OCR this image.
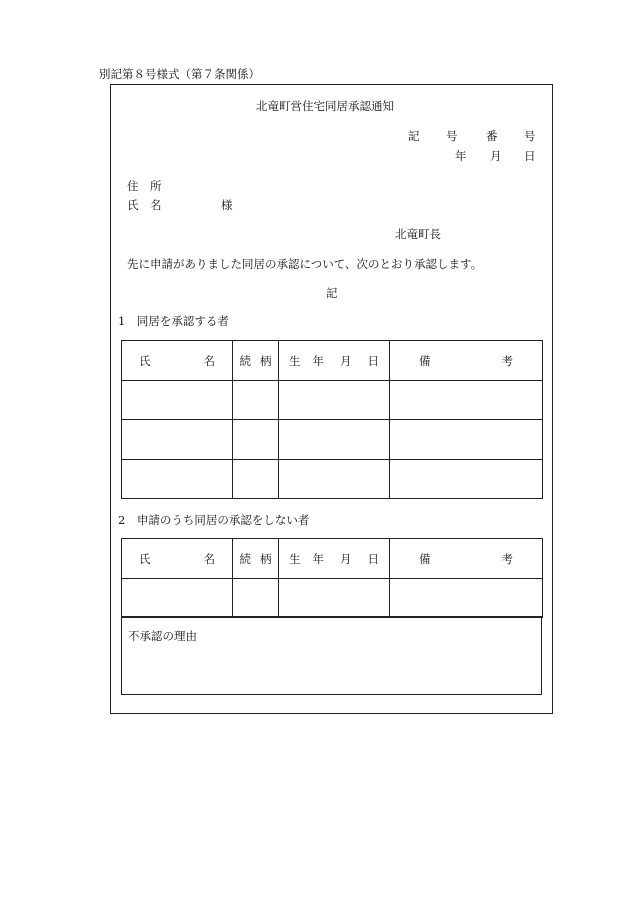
別記第８号様式（第７条関係）
北竜町営住宅同居承認通知
記 号 番 号
年 月 日
住　所
氏　名	様
北竜町長
先に申請がありました同居の承認について、次のとおり承認します。
記
1　同居を承認する者
氏 名	続 柄	生 年 月 日	備 考

2　申請のうち同居の承認をしない者
氏 名	続 柄	生 年 月 日	備 考

不承認の理由
